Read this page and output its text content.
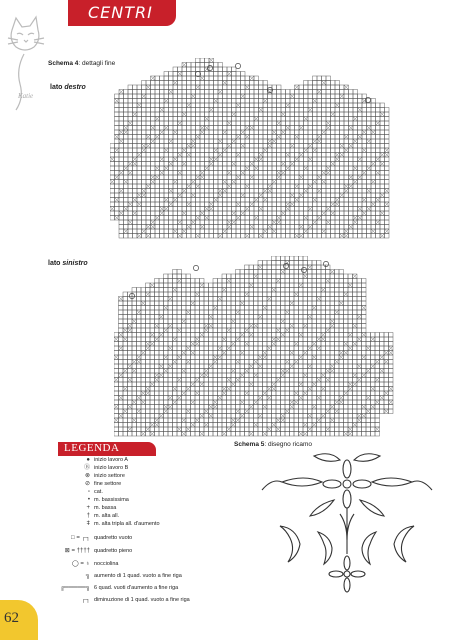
CENTRI
Katie
Schema 4: dettagli fine
lato destro
lato sinistro
LEGENDA
● inizio lavoro A
Ⓑ inizio lavoro B
⊗ inizio settore
⊘ fine settore
▫ cat.
• m. bassissima
+ m. bassa
† m. alta all.
ǂ m. alta tripla all. d'aumento
□ = ┌┐ quadretto vuoto
⊠ = †††† quadretto pieno
◯ = ♁ nocciolina
╗ aumento di 1 quad. vuoto a fine riga
╔═════╗ 6 quad. vuoti d'aumento a fine riga
┌┐ diminuzione di 1 quad. vuoto a fine riga
Schema 5: disegno ricamo
62
